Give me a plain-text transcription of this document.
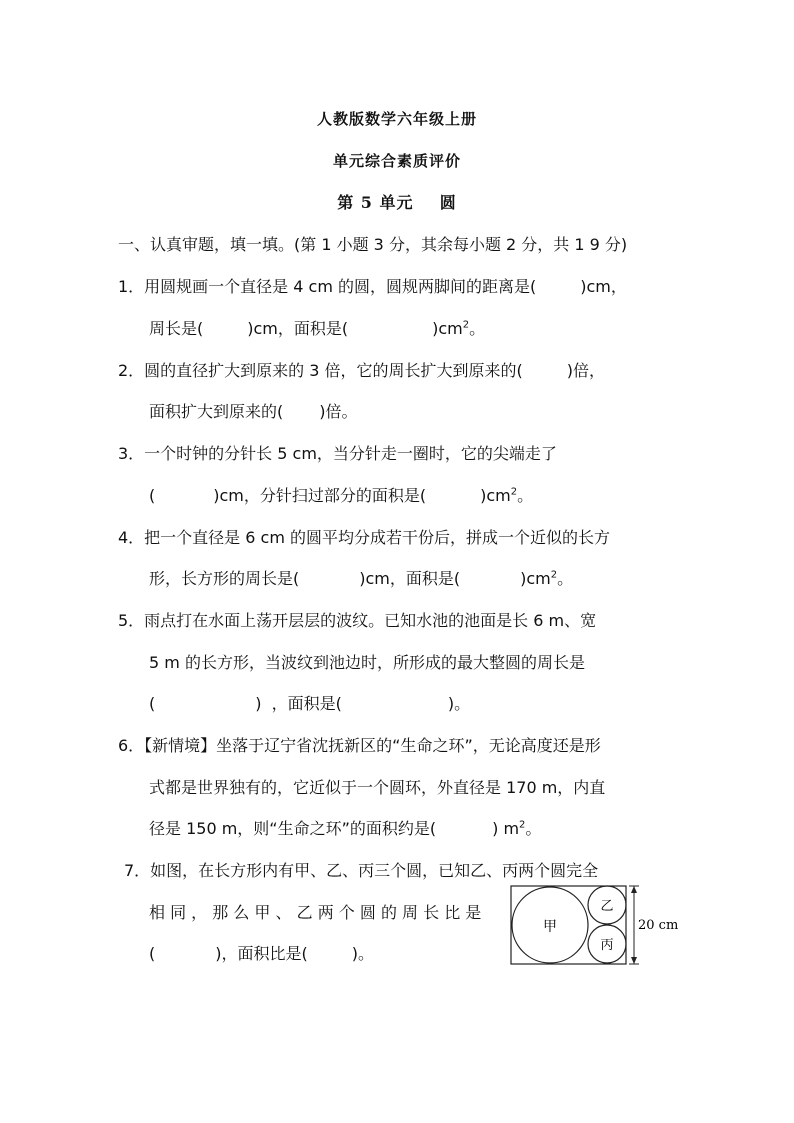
人教版数学六年级上册
单元综合素质评价
第 5 单元    圆
一、认真审题，填一填。(第 1 小题 3 分，其余每小题 2 分，共 1 9 分)
1．用圆规画一个直径是 4 cm 的圆，圆规两脚间的距离是(	)cm，
周长是(	)cm，面积是(	)$cm^2$。
2．圆的直径扩大到原来的 3 倍，它的周长扩大到原来的(	)倍，
面积扩大到原来的( )倍。
3．一个时钟的分针长 5 cm，当分针走一圈时，它的尖端走了
(	)cm，分针扫过部分的面积是(	)$cm^2$。
4．把一个直径是 6 cm 的圆平均分成若干份后，拼成一个近似的长方
形，长方形的周长是(	)cm，面积是(	)$cm^2$。
5．雨点打在水面上荡开层层的波纹。已知水池的池面是长 6 m、宽
5 m 的长方形，当波纹到池边时，所形成的最大整圆的周长是
(	)  ，面积是(	)。
6．【新情境】坐落于辽宁省沈抚新区的“生命之环”，无论高度还是形
式都是世界独有的，它近似于一个圆环，外直径是 170 m，内直
径是 150 m，则“生命之环”的面积约是(	) $m^2$。
7．如图，在长方形内有甲、乙、丙三个圆，已知乙、丙两个圆完全
相 同 ， 那 么 甲 、 乙 两 个 圆 的 周 长 比 是
(	)，面积比是(	)。
甲
乙
丙
20 cm
